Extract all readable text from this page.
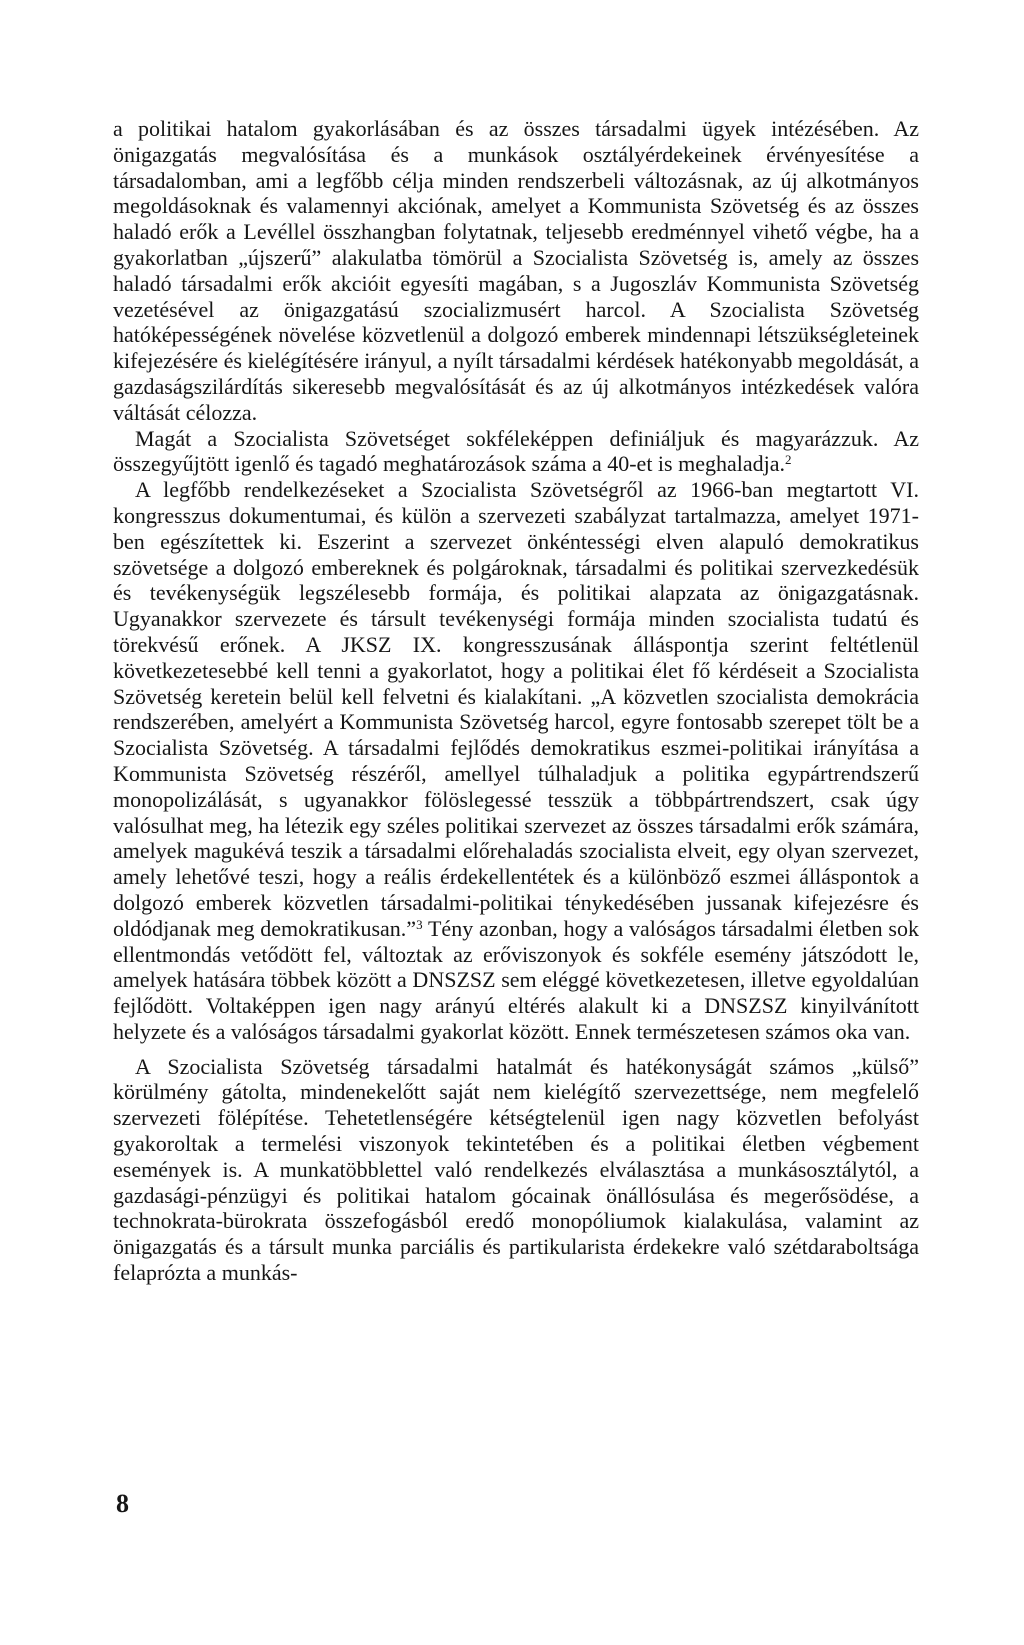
a politikai hatalom gyakorlásában és az összes társadalmi ügyek intézésében. Az önigazgatás megvalósítása és a munkások osztályérdekeinek érvényesítése a társadalomban, ami a legfőbb célja minden rendszerbeli változásnak, az új alkotmányos megoldásoknak és valamennyi akciónak, amelyet a Kommunista Szövetség és az összes haladó erők a Levéllel összhangban folytatnak, teljesebb eredménnyel vihető végbe, ha a gyakorlatban „újszerű” alakulatba tömörül a Szocialista Szövetség is, amely az összes haladó társadalmi erők akcióit egyesíti magában, s a Jugoszláv Kommunista Szövetség vezetésével az önigazgatású szocializmusért harcol. A Szocialista Szövetség hatóképességének növelése közvetlenül a dolgozó emberek mindennapi létszükségleteinek kifejezésére és kielégítésére irányul, a nyílt társadalmi kérdések hatékonyabb megoldását, a gazdaságszilárdítás sikeresebb megvalósítását és az új alkotmányos intézkedések valóra váltását célozza.

Magát a Szocialista Szövetséget sokféleképpen definiáljuk és magyarázzuk. Az összegyűjtött igenlő és tagadó meghatározások száma a 40-et is meghaladja.$^2$

A legfőbb rendelkezéseket a Szocialista Szövetségről az 1966-ban megtartott VI. kongresszus dokumentumai, és külön a szervezeti szabályzat tartalmazza, amelyet 1971-ben egészítettek ki. Eszerint a szervezet önkéntességi elven alapuló demokratikus szövetsége a dolgozó embereknek és polgároknak, társadalmi és politikai szervezkedésük és tevékenységük legszélesebb formája, és politikai alapzata az önigazgatásnak. Ugyanakkor szervezete és társult tevékenységi formája minden szocialista tudatú és törekvésű erőnek. A JKSZ IX. kongresszusának álláspontja szerint feltétlenül következetesebbé kell tenni a gyakorlatot, hogy a politikai élet fő kérdéseit a Szocialista Szövetség keretein belül kell felvetni és kialakítani. „A közvetlen szocialista demokrácia rendszerében, amelyért a Kommunista Szövetség harcol, egyre fontosabb szerepet tölt be a Szocialista Szövetség. A társadalmi fejlődés demokratikus eszmei-politikai irányítása a Kommunista Szövetség részéről, amellyel túlhaladjuk a politika egypártrendszerű monopolizálását, s ugyanakkor fölöslegessé tesszük a többpártrendszert, csak úgy valósulhat meg, ha létezik egy széles politikai szervezet az összes társadalmi erők számára, amelyek magukévá teszik a társadalmi előrehaladás szocialista elveit, egy olyan szervezet, amely lehetővé teszi, hogy a reális érdekellentétek és a különböző eszmei álláspontok a dolgozó emberek közvetlen társadalmi-politikai ténykedésében jussanak kifejezésre és oldódjanak meg demokratikusan.”$^3$ Tény azonban, hogy a valóságos társadalmi életben sok ellentmondás vetődött fel, változtak az erőviszonyok és sokféle esemény játszódott le, amelyek hatására többek között a DNSZSZ sem eléggé következetesen, illetve egyoldalúan fejlődött. Voltaképpen igen nagy arányú eltérés alakult ki a DNSZSZ kinyilvánított helyzete és a valóságos társadalmi gyakorlat között. Ennek természetesen számos oka van.

A Szocialista Szövetség társadalmi hatalmát és hatékonyságát számos „külső” körülmény gátolta, mindenekelőtt saját nem kielégítő szervezettsége, nem megfelelő szervezeti fölépítése. Tehetetlenségére kétségtelenül igen nagy közvetlen befolyást gyakoroltak a termelési viszonyok tekintetében és a politikai életben végbement események is. A munkatöbblettel való rendelkezés elválasztása a munkásosztálytól, a gazdasági-pénzügyi és politikai hatalom gócainak önállósulása és megerősödése, a technokrata-bürokrata összefogásból eredő monopóliumok kialakulása, valamint az önigazgatás és a társult munka parciális és partikularista érdekekre való szétdaraboltsága felaprózta a munkás-

8
